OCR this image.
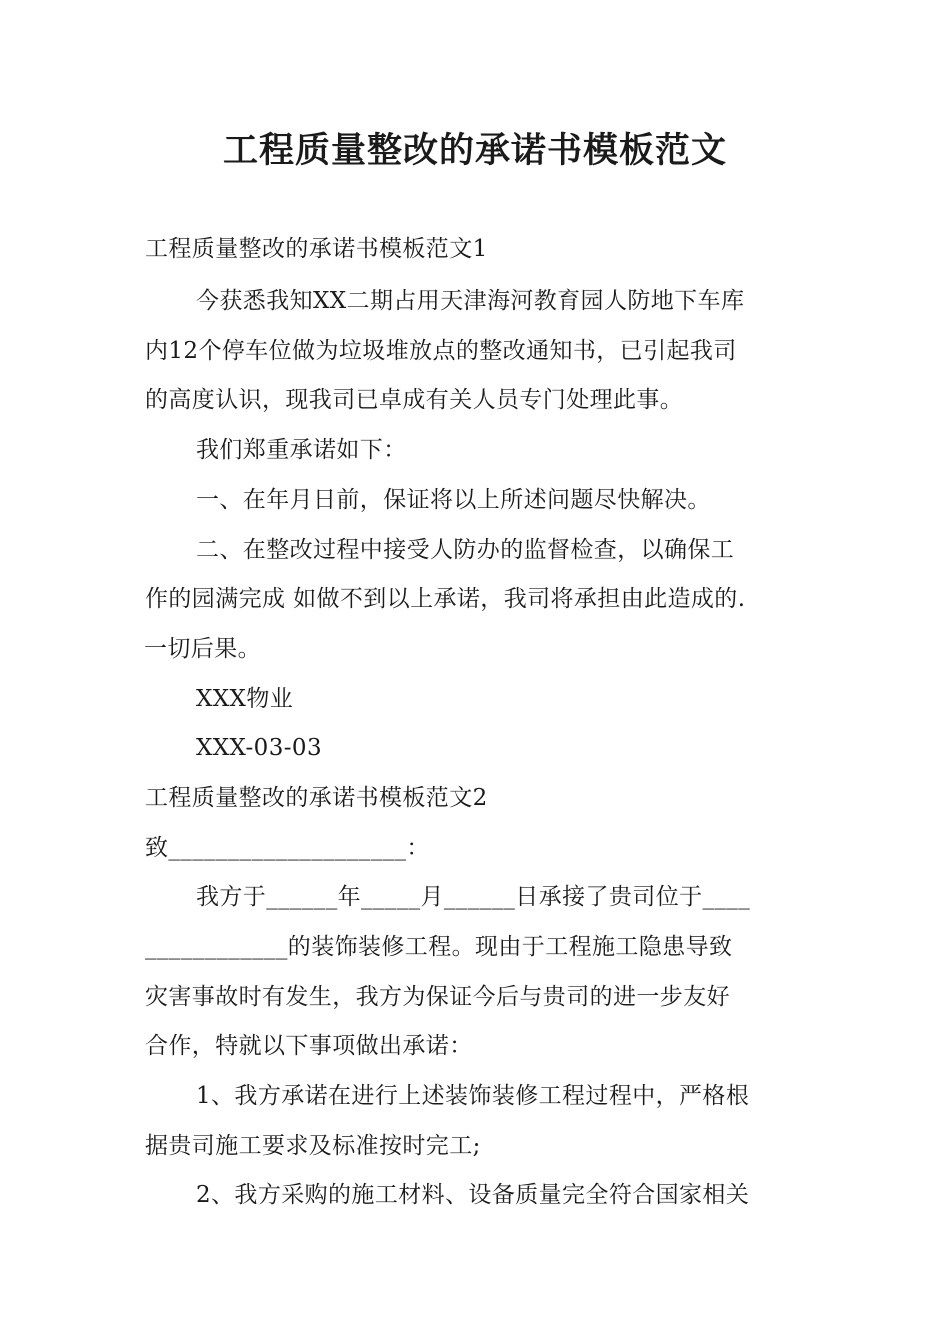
工程质量整改的承诺书模板范文
工程质量整改的承诺书模板范文1
今获悉我知XX二期占用天津海河教育园人防地下车库
内12个停车位做为垃圾堆放点的整改通知书，已引起我司
的高度认识，现我司已卓成有关人员专门处理此事。
我们郑重承诺如下：
一、在年月日前，保证将以上所述问题尽快解决。
二、在整改过程中接受人防办的监督检查，以确保工
作的园满完成 如做不到以上承诺，我司将承担由此造成的.
一切后果。
XXX物业
XXX-03-03
工程质量整改的承诺书模板范文2
致____________________：
我方于______年_____月______日承接了贵司位于____
____________的装饰装修工程。现由于工程施工隐患导致
灾害事故时有发生，我方为保证今后与贵司的进一步友好
合作，特就以下事项做出承诺：
1、我方承诺在进行上述装饰装修工程过程中，严格根
据贵司施工要求及标准按时完工;
2、我方采购的施工材料、设备质量完全符合国家相关
